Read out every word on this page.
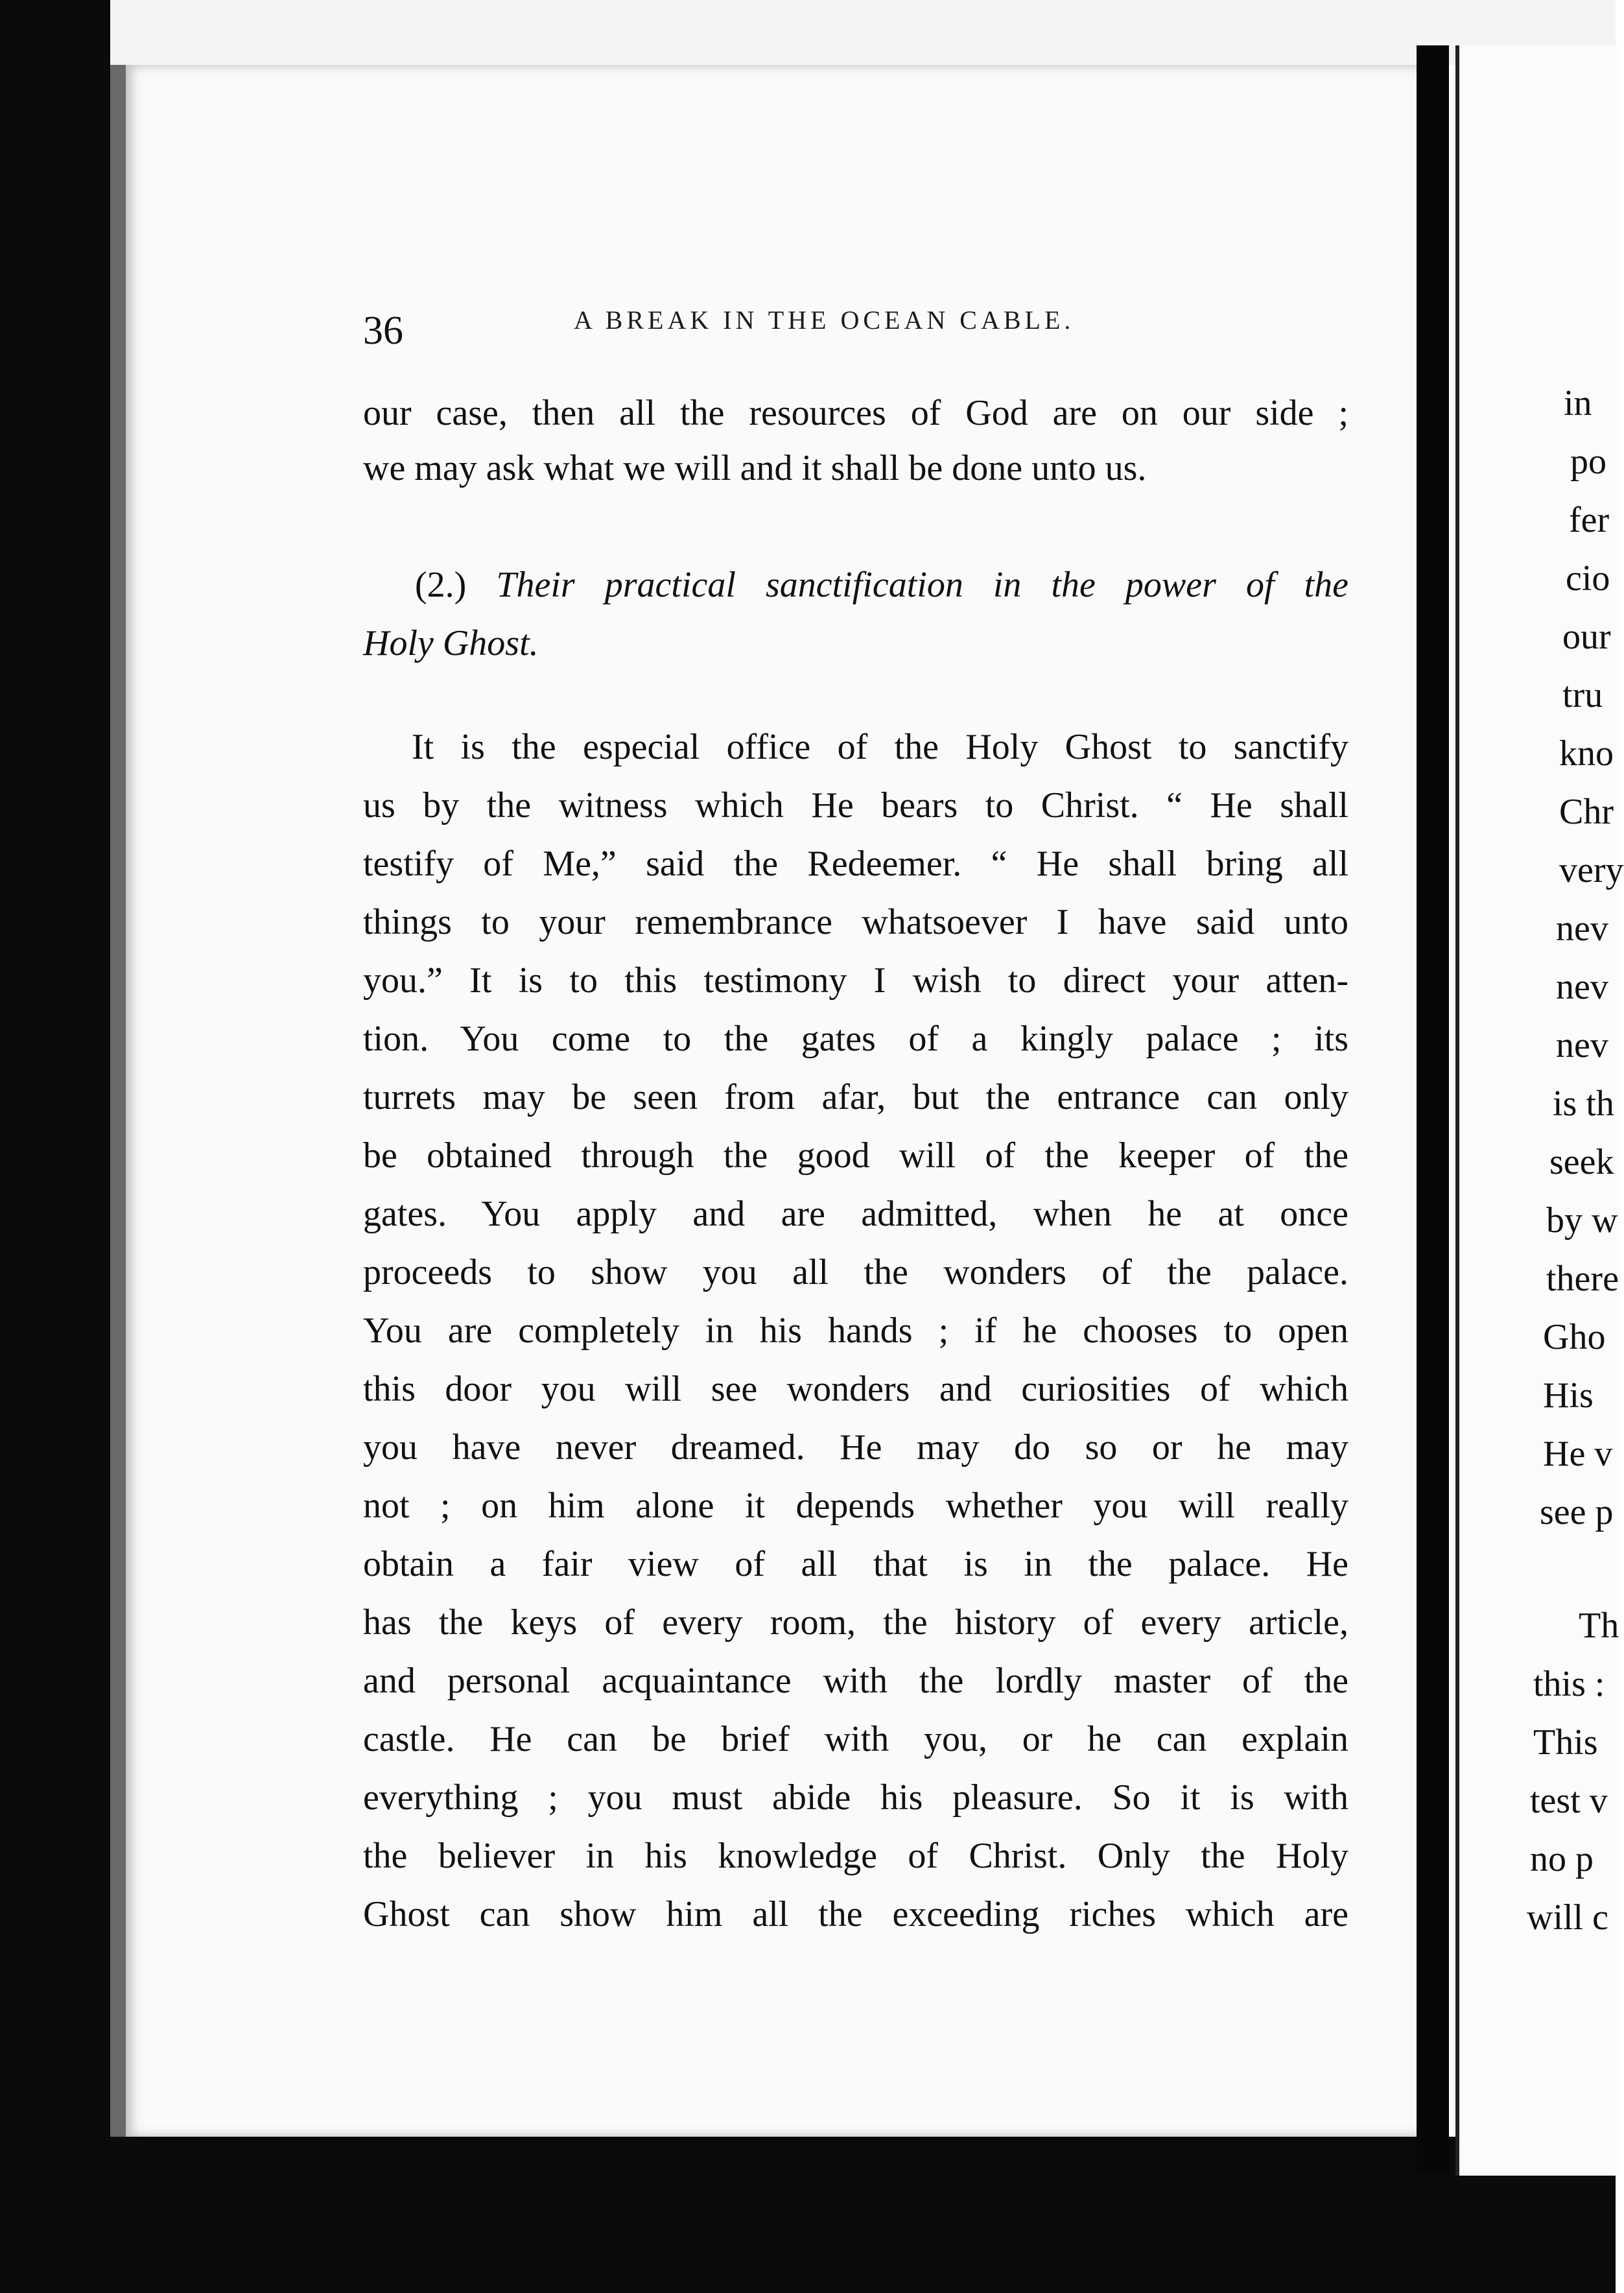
36	A BREAK IN THE OCEAN CABLE.
our case, then all the resources of God are on our side ;
we may ask what we will and it shall be done unto us.
(2.) Their practical sanctification in the power of the
Holy Ghost.
It is the especial office of the Holy Ghost to sanctify
us by the witness which He bears to Christ. “ He shall
testify of Me,” said the Redeemer. “ He shall bring all
things to your remembrance whatsoever I have said unto
you.” It is to this testimony I wish to direct your atten-
tion. You come to the gates of a kingly palace ; its
turrets may be seen from afar, but the entrance can only
be obtained through the good will of the keeper of the
gates. You apply and are admitted, when he at once
proceeds to show you all the wonders of the palace.
You are completely in his hands ; if he chooses to open
this door you will see wonders and curiosities of which
you have never dreamed. He may do so or he may
not ; on him alone it depends whether you will really
obtain a fair view of all that is in the palace. He
has the keys of every room, the history of every article,
and personal acquaintance with the lordly master of the
castle. He can be brief with you, or he can explain
everything ; you must abide his pleasure. So it is with
the believer in his knowledge of Christ. Only the Holy
Ghost can show him all the exceeding riches which are
in
po
fer
cio
our
tru
kno
Chr
very
nev
nev
nev
is th
seek
by w
there
Gho
His
He v
see p
Th
this :
This
test v
no p
will c
